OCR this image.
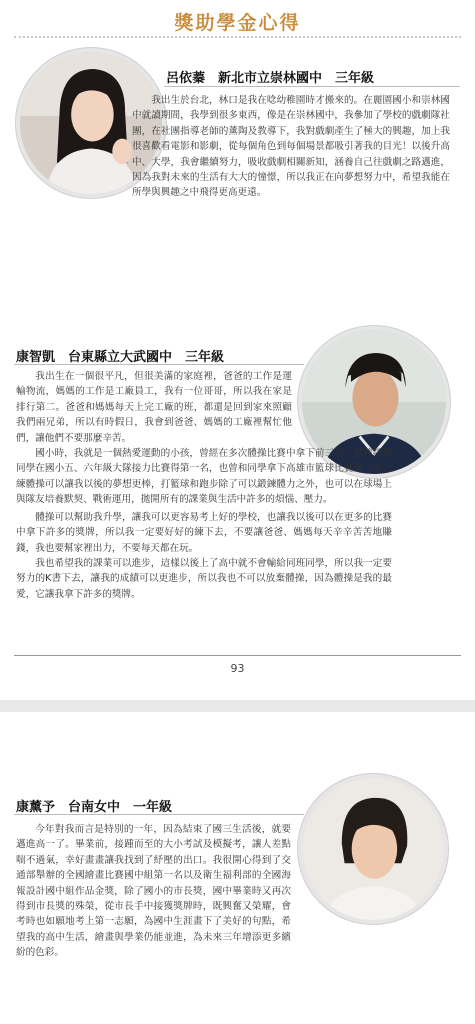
獎助學金心得
呂依蓁　新北市立崇林國中　三年級

我出生於台北，林口是我在唸幼稚園時才搬來的。在麗園國小和崇林國中就讀期間，我學到很多東西，像是在崇林國中，我參加了學校的戲劇隊社團，在社團指導老師的薰陶及教導下，我對戲劇產生了極大的興趣，加上我很喜歡看電影和影劇，從每個角色到每個場景都吸引著我的目光！以後升高中、大學，我會繼續努力，吸收戲劇相關新知，涵養自己往戲劇之路邁進，因為我對未來的生活有大大的憧憬，所以我正在向夢想努力中，希望我能在所學與興趣之中飛得更高更遠。

康智凱　台東縣立大武國中　三年級

我出生在一個很平凡，但很美滿的家庭裡，爸爸的工作是運輸物流，媽媽的工作是工廠員工，我有一位哥哥，所以我在家是排行第二。爸爸和媽媽每天上完工廠的班，都還是回到家來照顧我們兩兄弟，所以有時假日，我會到爸爸、媽媽的工廠裡幫忙他們，讓他們不要那麼辛苦。

國小時，我就是一個熱愛運動的小孩，曾經在多次體操比賽中拿下前三名，還曾經與同學在國小五、六年級大隊接力比賽得第一名，也曾和同學拿下高雄市籃球比賽第一名。練體操可以讓我以後的夢想更棒，打籃球和跑步除了可以鍛鍊體力之外，也可以在球場上與隊友培養默契、戰術運用，拋開所有的課業與生活中許多的煩惱、壓力。

體操可以幫助我升學，讓我可以更容易考上好的學校，也讓我以後可以在更多的比賽中拿下許多的獎牌，所以我一定要好好的練下去，不要讓爸爸、媽媽每天辛辛苦苦地賺錢，我也要幫家裡出力，不要每天都在玩。

我也希望我的課業可以進步，這樣以後上了高中就不會輸給同班同學，所以我一定要努力的K書下去，讓我的成績可以更進步，所以我也不可以放棄體操，因為體操是我的最愛，它讓我拿下許多的獎牌。

93
康薰予　台南女中　一年級

今年對我而言是特別的一年，因為結束了國三生活後，就要邁進高一了。畢業前，接踵而至的大小考試及模擬考，讓人差點喘不過氣，幸好畫畫讓我找到了紓壓的出口。我很開心得到了交通部舉辦的全國繪畫比賽國中組第一名以及衛生福利部的全國海報設計國中組作品金獎，除了國小的市長獎，國中畢業時又再次得到市長獎的殊榮，從市長手中接獲獎牌時，既興奮又榮耀，會考時也如願地考上第一志願，為國中生涯畫下了美好的句點，希望我的高中生活，繪畫與學業仍能並進，為未來三年增添更多繽紛的色彩。
